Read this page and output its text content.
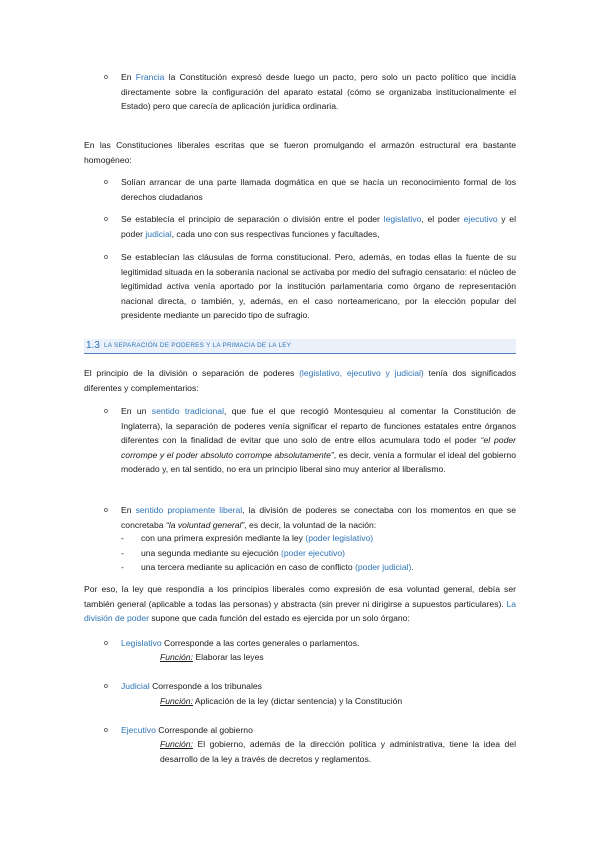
o En Francia la Constitución expresó desde luego un pacto, pero solo un pacto político que incidía directamente sobre la configuración del aparato estatal (cómo se organizaba institucionalmente el Estado) pero que carecía de aplicación jurídica ordinaria.
En las Constituciones liberales escritas que se fueron promulgando el armazón estructural era bastante homogéneo:
o Solían arrancar de una parte llamada dogmática en que se hacía un reconocimiento formal de los derechos ciudadanos
o Se establecía el principio de separación o división entre el poder legislativo, el poder ejecutivo y el poder judicial, cada uno con sus respectivas funciones y facultades,
o Se establecían las cláusulas de forma constitucional. Pero, además, en todas ellas la fuente de su legitimidad situada en la soberanía nacional se activaba por medio del sufragio censatario: el núcleo de legitimidad activa venía aportado por la institución parlamentaria como órgano de representación nacional directa, o también, y, además, en el caso norteamericano, por la elección popular del presidente mediante un parecido tipo de sufragio.
1.3 LA SEPARACIÓN DE PODERES Y LA PRIMACIA DE LA LEY
El principio de la división o separación de poderes (legislativo, ejecutivo y judicial) tenía dos significados diferentes y complementarios:
o En un sentido tradicional, que fue el que recogió Montesquieu al comentar la Constitución de Inglaterra), la separación de poderes venía significar el reparto de funciones estatales entre órganos diferentes con la finalidad de evitar que uno solo de entre ellos acumulara todo el poder “el poder corrompe y el poder absoluto corrompe absolutamente”, es decir, venía a formular el ideal del gobierno moderado y, en tal sentido, no era un principio liberal sino muy anterior al liberalismo.
o En sentido propiamente liberal, la división de poderes se conectaba con los momentos en que se concretaba “la voluntad general”, es decir, la voluntad de la nación:
- con una primera expresión mediante la ley (poder legislativo)
- una segunda mediante su ejecución (poder ejecutivo)
- una tercera mediante su aplicación en caso de conflicto (poder judicial).
Por eso, la ley que respondía a los principios liberales como expresión de esa voluntad general, debía ser también general (aplicable a todas las personas) y abstracta (sin prever ni dirigirse a supuestos particulares). La división de poder supone que cada función del estado es ejercida por un solo órgano:
o Legislativo Corresponde a las cortes generales o parlamentos.
Función: Elaborar las leyes
o Judicial Corresponde a los tribunales
Función: Aplicación de la ley (dictar sentencia) y la Constitución
o Ejecutivo Corresponde al gobierno
Función: El gobierno, además de la dirección política y administrativa, tiene la idea del desarrollo de la ley a través de decretos y reglamentos.
